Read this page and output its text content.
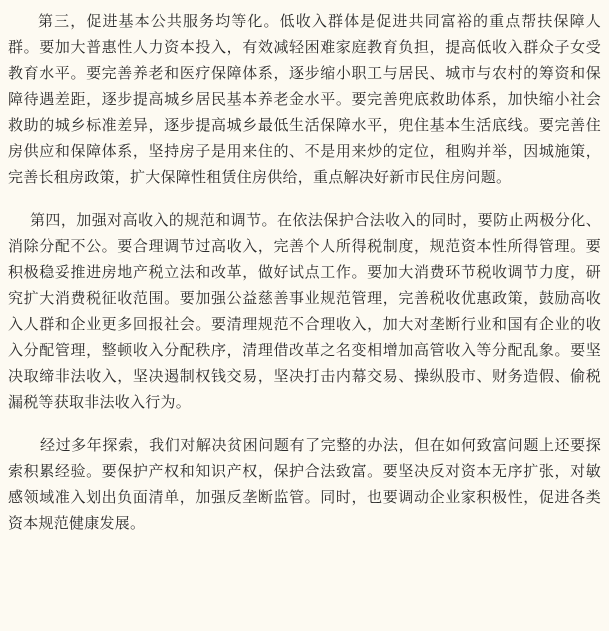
第三，促进基本公共服务均等化。低收入群体是促进共同富裕的重点帮扶保障人群。要加大普惠性人力资本投入，有效减轻困难家庭教育负担，提高低收入群众子女受教育水平。要完善养老和医疗保障体系，逐步缩小职工与居民、城市与农村的筹资和保障待遇差距，逐步提高城乡居民基本养老金水平。要完善兜底救助体系，加快缩小社会救助的城乡标准差异，逐步提高城乡最低生活保障水平，兜住基本生活底线。要完善住房供应和保障体系，坚持房子是用来住的、不是用来炒的定位，租购并举，因城施策，完善长租房政策，扩大保障性租赁住房供给，重点解决好新市民住房问题。

第四，加强对高收入的规范和调节。在依法保护合法收入的同时，要防止两极分化、消除分配不公。要合理调节过高收入，完善个人所得税制度，规范资本性所得管理。要积极稳妥推进房地产税立法和改革，做好试点工作。要加大消费环节税收调节力度，研究扩大消费税征收范围。要加强公益慈善事业规范管理，完善税收优惠政策，鼓励高收入人群和企业更多回报社会。要清理规范不合理收入，加大对垄断行业和国有企业的收入分配管理，整顿收入分配秩序，清理借改革之名变相增加高管收入等分配乱象。要坚决取缔非法收入，坚决遏制权钱交易，坚决打击内幕交易、操纵股市、财务造假、偷税漏税等获取非法收入行为。

经过多年探索，我们对解决贫困问题有了完整的办法，但在如何致富问题上还要探索积累经验。要保护产权和知识产权，保护合法致富。要坚决反对资本无序扩张，对敏感领域准入划出负面清单，加强反垄断监管。同时，也要调动企业家积极性，促进各类资本规范健康发展。
